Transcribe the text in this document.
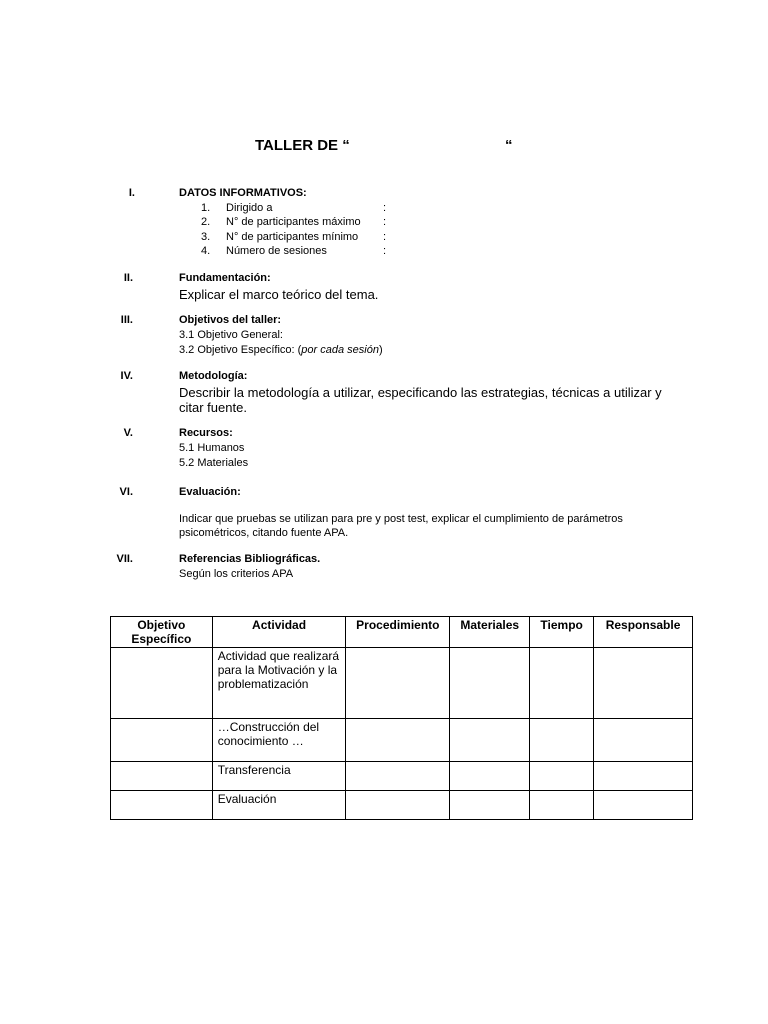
TALLER DE “	“
I.	DATOS INFORMATIVOS:
1. Dirigido a	:
2. N° de participantes máximo :
3. N° de participantes mínimo :
4. Número de sesiones	:
II.	Fundamentación:
Explicar el marco teórico del tema.
III.	Objetivos del taller:
3.1 Objetivo General:
3.2 Objetivo Específico: (por cada sesión)
IV.	Metodología:
Describir la metodología a utilizar, especificando las estrategias, técnicas a utilizar y
citar fuente.
V.	Recursos:
5.1 Humanos
5.2 Materiales
VI.	Evaluación:
Indicar que pruebas se utilizan para pre y post test, explicar el cumplimiento de parámetros
psicométricos, citando fuente APA.
VII.	Referencias Bibliográficas.
Según los criterios APA
Objetivo Específico	Actividad	Procedimiento	Materiales	Tiempo	Responsable
	Actividad que realizará para la Motivación y la problematización				
	…Construcción del conocimiento …				
	Transferencia				
	Evaluación				
